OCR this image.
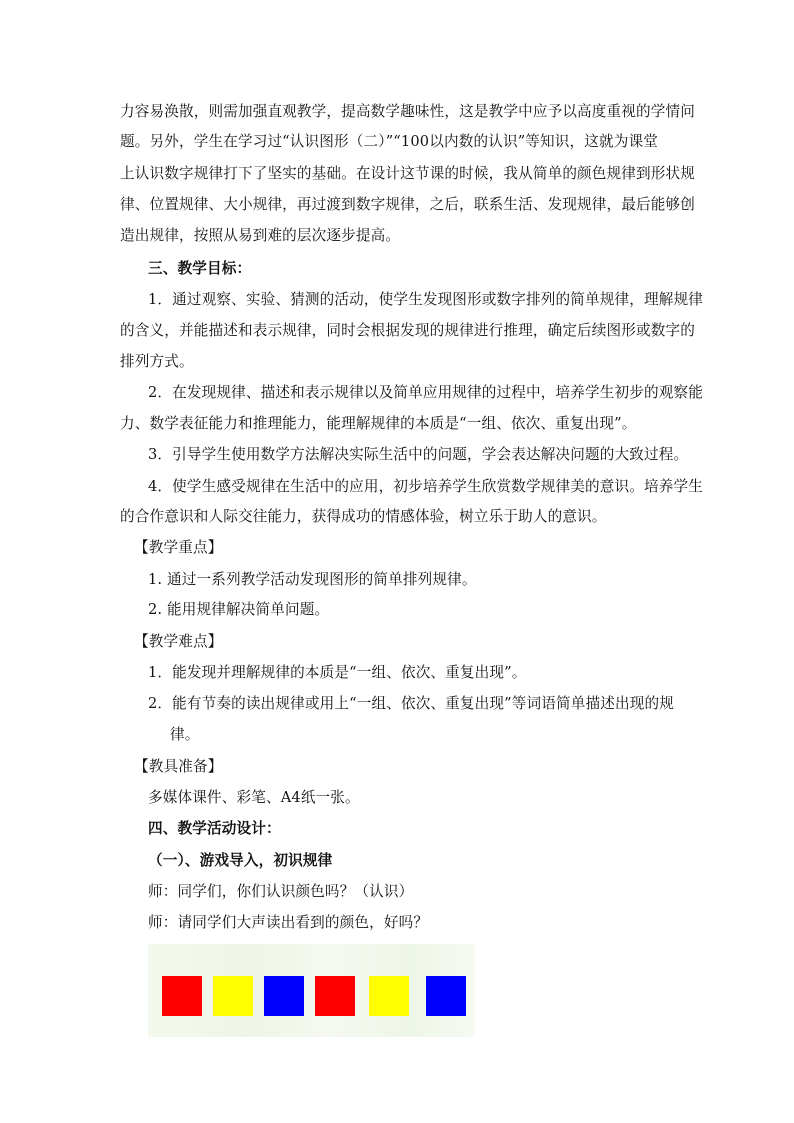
力容易涣散，则需加强直观教学，提高数学趣味性，这是教学中应予以高度重视的学情问
题。另外，学生在学习过“认识图形（二）”“100以内数的认识”等知识，这就为课堂
上认识数字规律打下了坚实的基础。在设计这节课的时候，我从简单的颜色规律到形状规
律、位置规律、大小规律，再过渡到数字规律，之后，联系生活、发现规律，最后能够创
造出规律，按照从易到难的层次逐步提高。
三、教学目标：
1．通过观察、实验、猜测的活动，使学生发现图形或数字排列的简单规律，理解规律
的含义，并能描述和表示规律，同时会根据发现的规律进行推理，确定后续图形或数字的
排列方式。
2．在发现规律、描述和表示规律以及简单应用规律的过程中，培养学生初步的观察能
力、数学表征能力和推理能力，能理解规律的本质是“一组、依次、重复出现”。
3．引导学生使用数学方法解决实际生活中的问题，学会表达解决问题的大致过程。
4．使学生感受规律在生活中的应用，初步培养学生欣赏数学规律美的意识。培养学生
的合作意识和人际交往能力，获得成功的情感体验，树立乐于助人的意识。
【教学重点】
1. 通过一系列教学活动发现图形的简单排列规律。
2. 能用规律解决简单问题。
【教学难点】
1．能发现并理解规律的本质是“一组、依次、重复出现”。
2．能有节奏的读出规律或用上“一组、依次、重复出现”等词语简单描述出现的规
律。
【教具准备】
多媒体课件、彩笔、A4纸一张。
四、教学活动设计：
（一）、游戏导入，初识规律
师：同学们，你们认识颜色吗？（认识）
师：请同学们大声读出看到的颜色，好吗？
